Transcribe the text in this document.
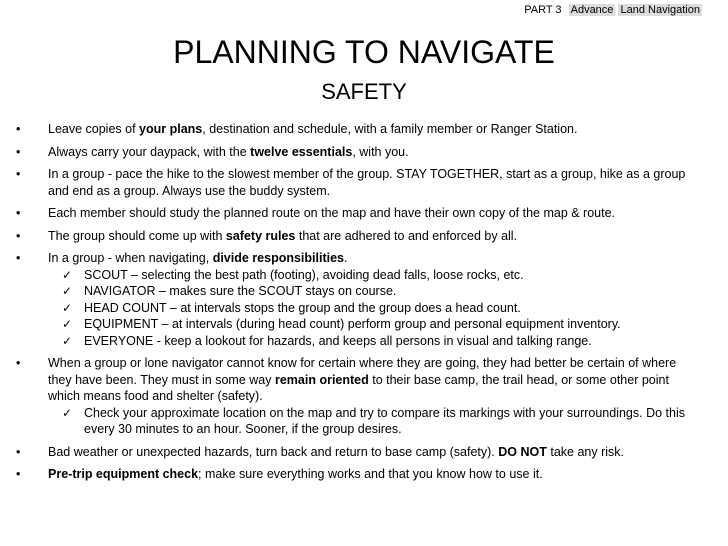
PART 3 Advance Land Navigation
PLANNING TO NAVIGATE
SAFETY
• Leave copies of your plans, destination and schedule, with a family member or Ranger Station.
• Always carry your daypack, with the twelve essentials, with you.
• In a group - pace the hike to the slowest member of the group. STAY TOGETHER, start as a group, hike as a group and end as a group. Always use the buddy system.
• Each member should study the planned route on the map and have their own copy of the map & route.
• The group should come up with safety rules that are adhered to and enforced by all.
• In a group - when navigating, divide responsibilities.
✓ SCOUT – selecting the best path (footing), avoiding dead falls, loose rocks, etc.
✓ NAVIGATOR – makes sure the SCOUT stays on course.
✓ HEAD COUNT – at intervals stops the group and the group does a head count.
✓ EQUIPMENT – at intervals (during head count) perform group and personal equipment inventory.
✓ EVERYONE - keep a lookout for hazards, and keeps all persons in visual and talking range.
• When a group or lone navigator cannot know for certain where they are going, they had better be certain of where they have been. They must in some way remain oriented to their base camp, the trail head, or some other point which means food and shelter (safety).
✓ Check your approximate location on the map and try to compare its markings with your surroundings. Do this every 30 minutes to an hour. Sooner, if the group desires.
• Bad weather or unexpected hazards, turn back and return to base camp (safety). DO NOT take any risk.
• Pre-trip equipment check; make sure everything works and that you know how to use it.
